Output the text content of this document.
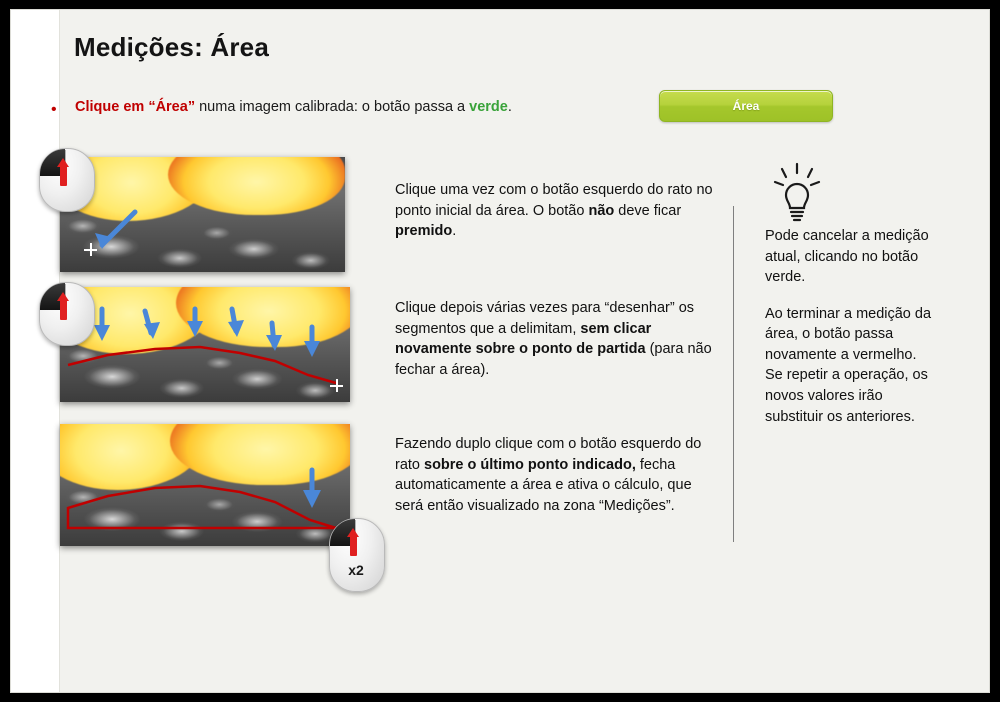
Medições: Área
• Clique em “Área” numa imagem calibrada: o botão passa a verde.	Área
x2
Clique uma vez com o botão esquerdo do rato no ponto inicial da área. O botão não deve ficar premido.
Clique depois várias vezes para “desenhar” os segmentos que a delimitam, sem clicar novamente sobre o ponto de partida (para não fechar a área).
Fazendo duplo clique com o botão esquerdo do rato sobre o último ponto indicado, fecha automaticamente a área e ativa o cálculo, que será então visualizado na zona “Medições”.

Pode cancelar a medição atual, clicando no botão verde.

Ao terminar a medição da área, o botão passa novamente a vermelho. Se repetir a operação, os novos valores irão substituir os anteriores.
